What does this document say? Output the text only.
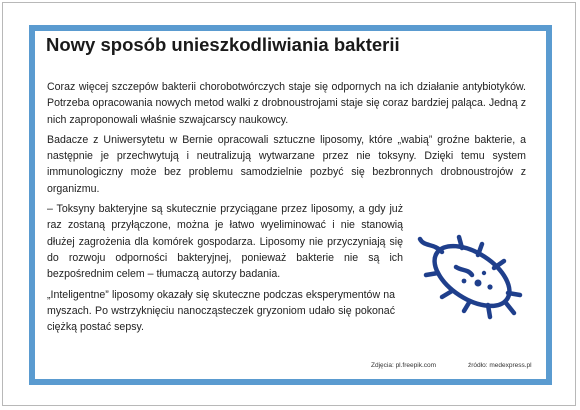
Nowy sposób unieszkodliwiania bakterii

Coraz więcej szczepów bakterii chorobotwórczych staje się odpornych na ich działanie antybiotyków. Potrzeba opracowania nowych metod walki z drobnoustrojami staje się coraz bardziej paląca. Jedną z nich zaproponowali właśnie szwajcarscy naukowcy.

Badacze z Uniwersytetu w Bernie opracowali sztuczne liposomy, które „wabią” groźne bakterie, a następnie je przechwytują i neutralizują wytwarzane przez nie toksyny. Dzięki temu system immunologiczny może bez problemu samodzielnie pozbyć się bezbronnych drobnoustrojów z organizmu.

– Toksyny bakteryjne są skutecznie przyciągane przez liposomy, a gdy już raz zostaną przyłączone, można je łatwo wyeliminować i nie stanowią dłużej zagrożenia dla komórek gospodarza. Liposomy nie przyczyniają się do rozwoju odporności bakteryjnej, ponieważ bakterie nie są ich bezpośrednim celem – tłumaczą autorzy badania.

„Inteligentne” liposomy okazały się skuteczne podczas eksperymentów na myszach. Po wstrzyknięciu nanocząsteczek gryzoniom udało się pokonać ciężką postać sepsy.

Zdjęcia: pl.freepik.com	źródło: medexpress.pl
